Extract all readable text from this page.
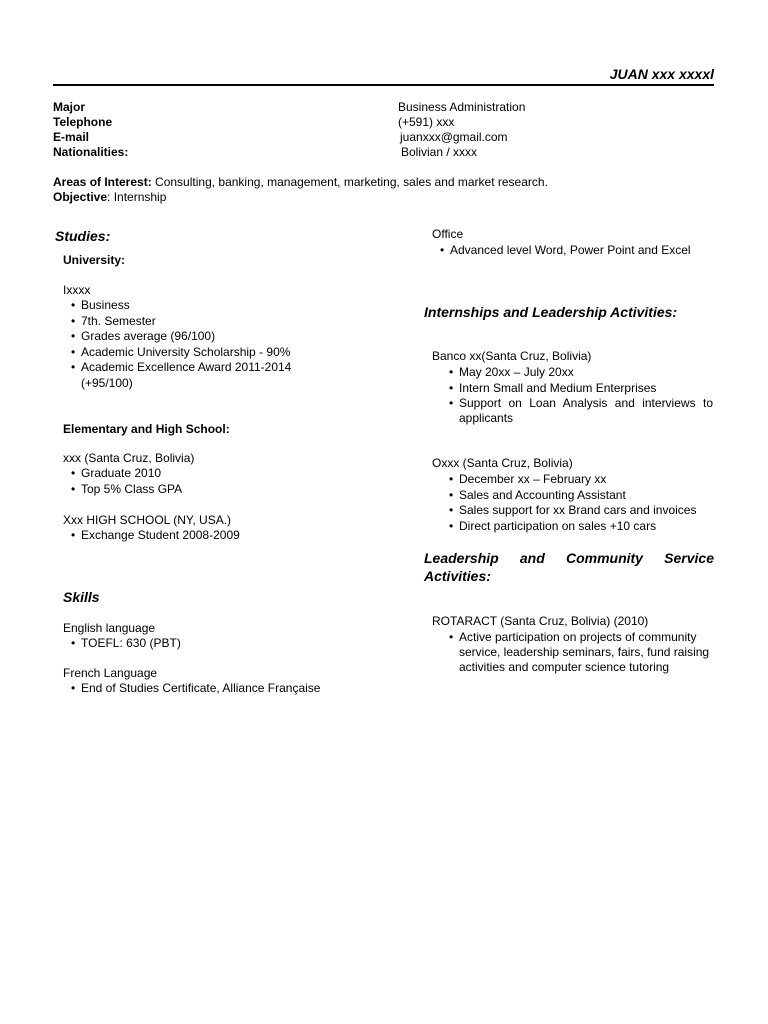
JUAN xxx xxxxl
Major	Business Administration
Telephone	(+591) xxx
E-mail	juanxxx@gmail.com
Nationalities:	Bolivian / xxxx
Areas of Interest: Consulting, banking, management, marketing, sales and market research.
Objective: Internship
Studies:
University:
Ixxxx
• Business
• 7th. Semester
• Grades average (96/100)
• Academic University Scholarship - 90%
• Academic Excellence Award 2011-2014
(+95/100)
Elementary and High School:
xxx (Santa Cruz, Bolivia)
• Graduate 2010
• Top 5% Class GPA
Xxx HIGH SCHOOL (NY, USA.)
• Exchange Student 2008-2009
Skills
English language
• TOEFL: 630 (PBT)
French Language
• End of Studies Certificate, Alliance Française
Office
• Advanced level Word, Power Point and Excel
Internships and Leadership Activities:
Banco xx(Santa Cruz, Bolivia)
• May 20xx – July 20xx
• Intern Small and Medium Enterprises
• Support on Loan Analysis and interviews to applicants
Oxxx (Santa Cruz, Bolivia)
• December xx – February xx
• Sales and Accounting Assistant
• Sales support for xx Brand cars and invoices
• Direct participation on sales +10 cars
Leadership and Community Service Activities:
ROTARACT (Santa Cruz, Bolivia) (2010)
• Active participation on projects of community service, leadership seminars, fairs, fund raising activities and computer science tutoring
